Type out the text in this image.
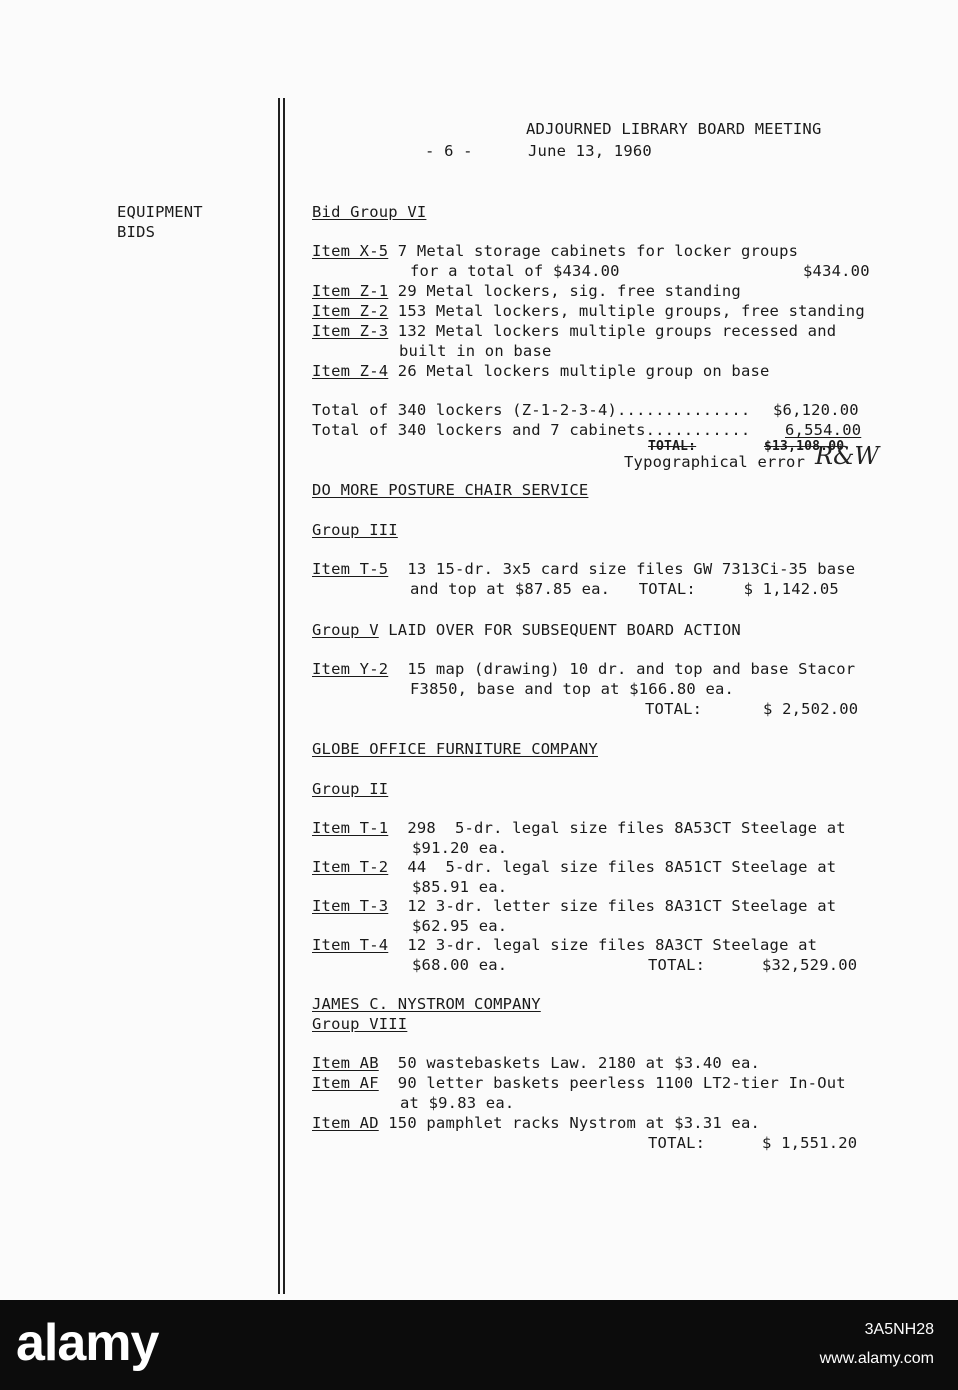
ADJOURNED LIBRARY BOARD MEETING
- 6 -	June 13, 1960
EQUIPMENT
BIDS
Bid Group VI
Item X-5 7 Metal storage cabinets for locker groups
for a total of $434.00	$434.00
Item Z-1 29 Metal lockers, sig. free standing
Item Z-2 153 Metal lockers, multiple groups, free standing
Item Z-3 132 Metal lockers multiple groups recessed and
built in on base
Item Z-4 26 Metal lockers multiple group on base
Total of 340 lockers (Z-1-2-3-4).............. $6,120.00
Total of 340 lockers and 7 cabinets........... 6,554.00
TOTAL:	$13,108.00
Typographical error R&W
DO MORE POSTURE CHAIR SERVICE
Group III
Item T-5  13 15-dr. 3x5 card size files GW 7313Ci-35 base
and top at $87.85 ea.   TOTAL:     $ 1,142.05
Group V LAID OVER FOR SUBSEQUENT BOARD ACTION
Item Y-2  15 map (drawing) 10 dr. and top and base Stacor
F3850, base and top at $166.80 ea.
TOTAL:	$ 2,502.00
GLOBE OFFICE FURNITURE COMPANY
Group II
Item T-1  298  5-dr. legal size files 8A53CT Steelage at
$91.20 ea.
Item T-2  44  5-dr. legal size files 8A51CT Steelage at
$85.91 ea.
Item T-3  12 3-dr. letter size files 8A31CT Steelage at
$62.95 ea.
Item T-4  12 3-dr. legal size files 8A3CT Steelage at
$68.00 ea.	TOTAL:	$32,529.00
JAMES C. NYSTROM COMPANY
Group VIII
Item AB  50 wastebaskets Law. 2180 at $3.40 ea.
Item AF  90 letter baskets peerless 1100 LT2-tier In-Out
at $9.83 ea.
Item AD 150 pamphlet racks Nystrom at $3.31 ea.
TOTAL:	$ 1,551.20
alamy	3A5NH28
www.alamy.com
